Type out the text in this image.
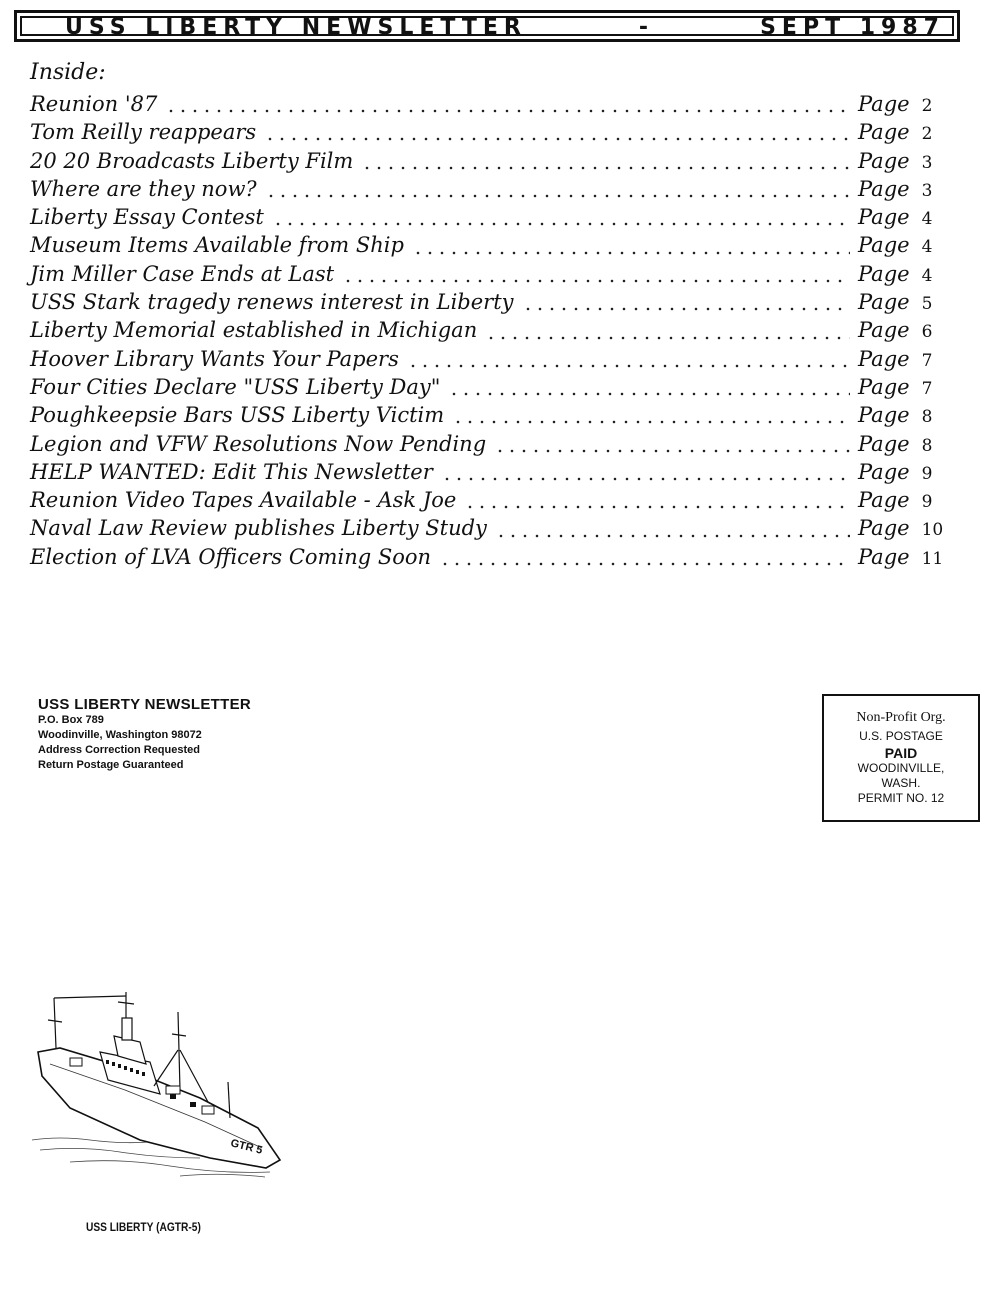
USS LIBERTY NEWSLETTER	-	SEPT 1987
Inside:
Reunion '87	Page 2
Tom Reilly reappears	Page 2
20 20 Broadcasts Liberty Film	Page 3
Where are they now?	Page 3
Liberty Essay Contest	Page 4
Museum Items Available from Ship	Page 4
Jim Miller Case Ends at Last	Page 4
USS Stark tragedy renews interest in Liberty	Page 5
Liberty Memorial established in Michigan	Page 6
Hoover Library Wants Your Papers	Page 7
Four Cities Declare "USS Liberty Day"	Page 7
Poughkeepsie Bars USS Liberty Victim	Page 8
Legion and VFW Resolutions Now Pending	Page 8
HELP WANTED: Edit This Newsletter	Page 9
Reunion Video Tapes Available - Ask Joe	Page 9
Naval Law Review publishes Liberty Study	Page 10
Election of LVA Officers Coming Soon	Page 11
USS LIBERTY NEWSLETTER
P.O. Box 789
Woodinville, Washington 98072
Address Correction Requested
Return Postage Guaranteed
Non-Profit Org.
U.S. POSTAGE
PAID
WOODINVILLE,
WASH.
PERMIT NO. 12
GTR 5
USS LIBERTY (AGTR-5)
